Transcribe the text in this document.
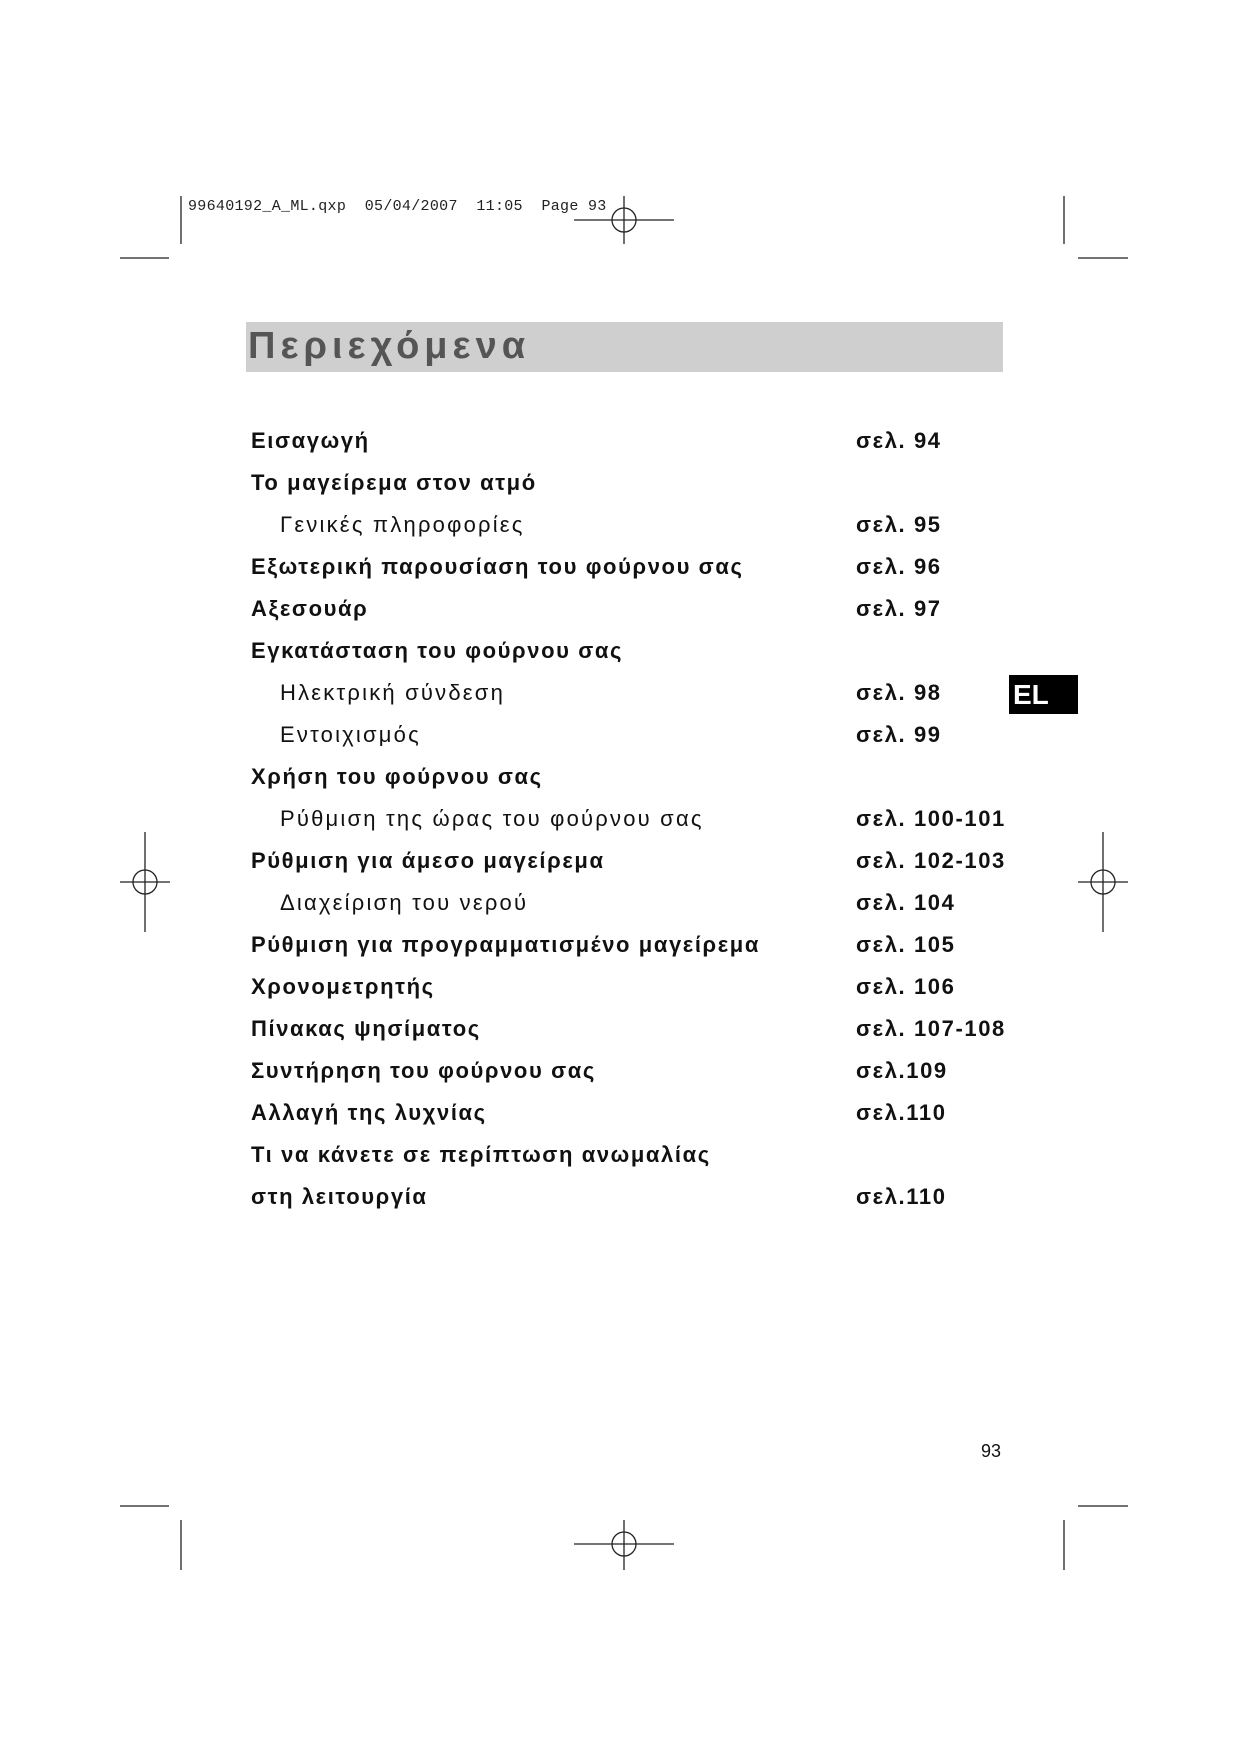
99640192_A_ML.qxp  05/04/2007  11:05  Page 93
Περιεχόμενα
Εισαγωγή	σελ. 94
Το μαγείρεμα στον ατμό
Γενικές πληροφορίες	σελ. 95
Εξωτερική παρουσίαση του φούρνου σας	σελ. 96
Αξεσουάρ	σελ. 97
Εγκατάσταση του φούρνου σας
Ηλεκτρική σύνδεση	σελ. 98
Εντοιχισμός	σελ. 99
Χρήση του φούρνου σας
Ρύθμιση της ώρας του φούρνου σας	σελ. 100-101
Ρύθμιση για άμεσο μαγείρεμα	σελ. 102-103
Διαχείριση του νερού	σελ. 104
Ρύθμιση για προγραμματισμένο μαγείρεμα	σελ. 105
Χρονομετρητής	σελ. 106
Πίνακας ψησίματος	σελ. 107-108
Συντήρηση του φούρνου σας	σελ.109
Αλλαγή της λυχνίας	σελ.110
Τι να κάνετε σε περίπτωση ανωμαλίας
στη λειτουργία	σελ.110
EL
93
